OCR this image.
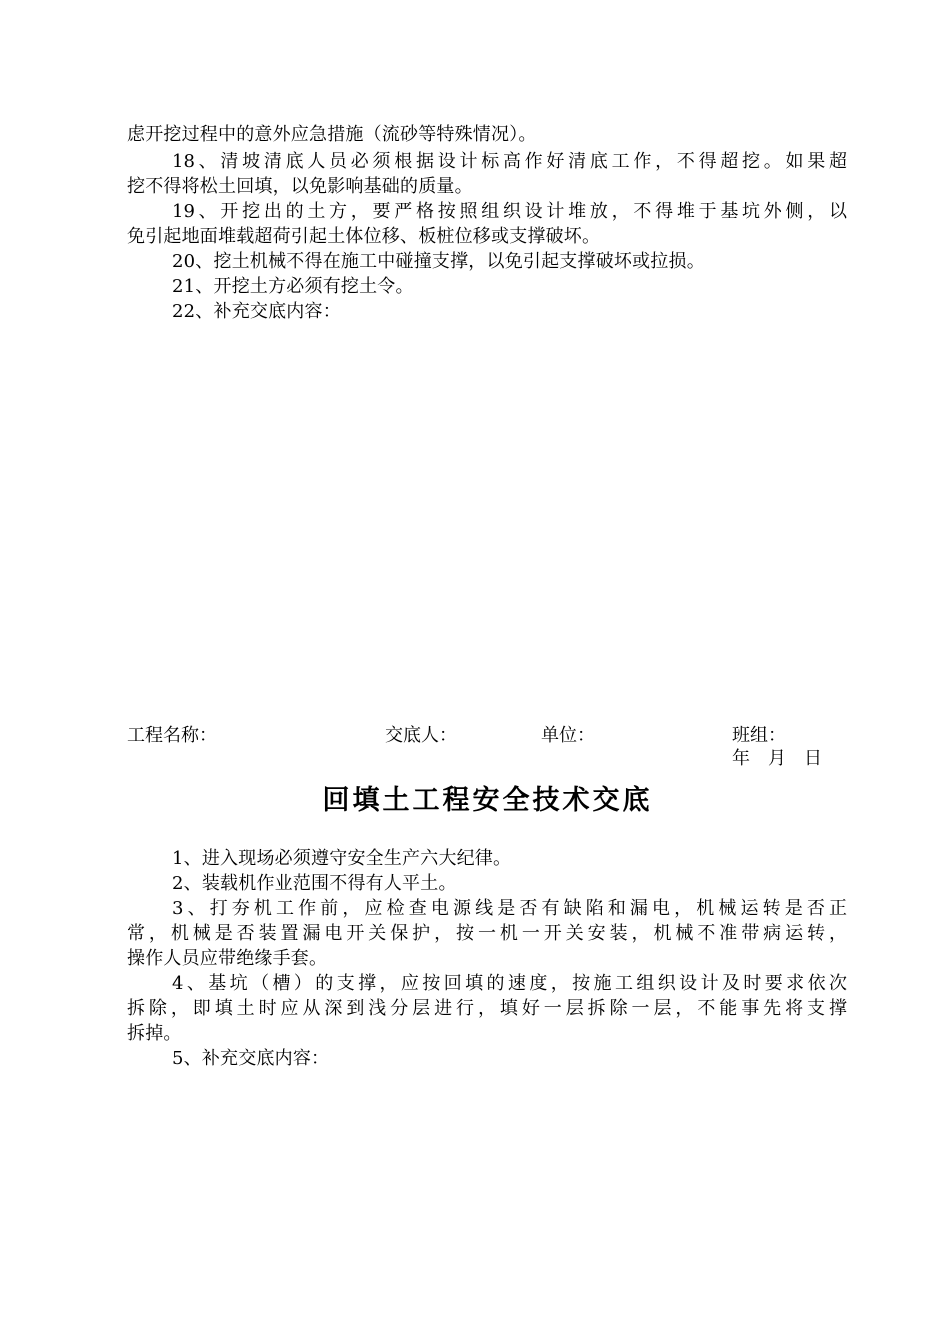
虑开挖过程中的意外应急措施（流砂等特殊情况）。
18、清坡清底人员必须根据设计标高作好清底工作，不得超挖。如果超
挖不得将松土回填，以免影响基础的质量。
19、开挖出的土方，要严格按照组织设计堆放，不得堆于基坑外侧，以
免引起地面堆载超荷引起土体位移、板桩位移或支撑破坏。
20、挖土机械不得在施工中碰撞支撑，以免引起支撑破坏或拉损。
21、开挖土方必须有挖土令。
22、补充交底内容：
工程名称：	交底人：	单位：	班组：
年　月　日
回填土工程安全技术交底
1、进入现场必须遵守安全生产六大纪律。
2、装载机作业范围不得有人平土。
3、打夯机工作前，应检查电源线是否有缺陷和漏电，机械运转是否正
常，机械是否装置漏电开关保护，按一机一开关安装，机械不准带病运转，
操作人员应带绝缘手套。
4、基坑（槽）的支撑，应按回填的速度，按施工组织设计及时要求依次
拆除，即填土时应从深到浅分层进行，填好一层拆除一层，不能事先将支撑
拆掉。
5、补充交底内容：
